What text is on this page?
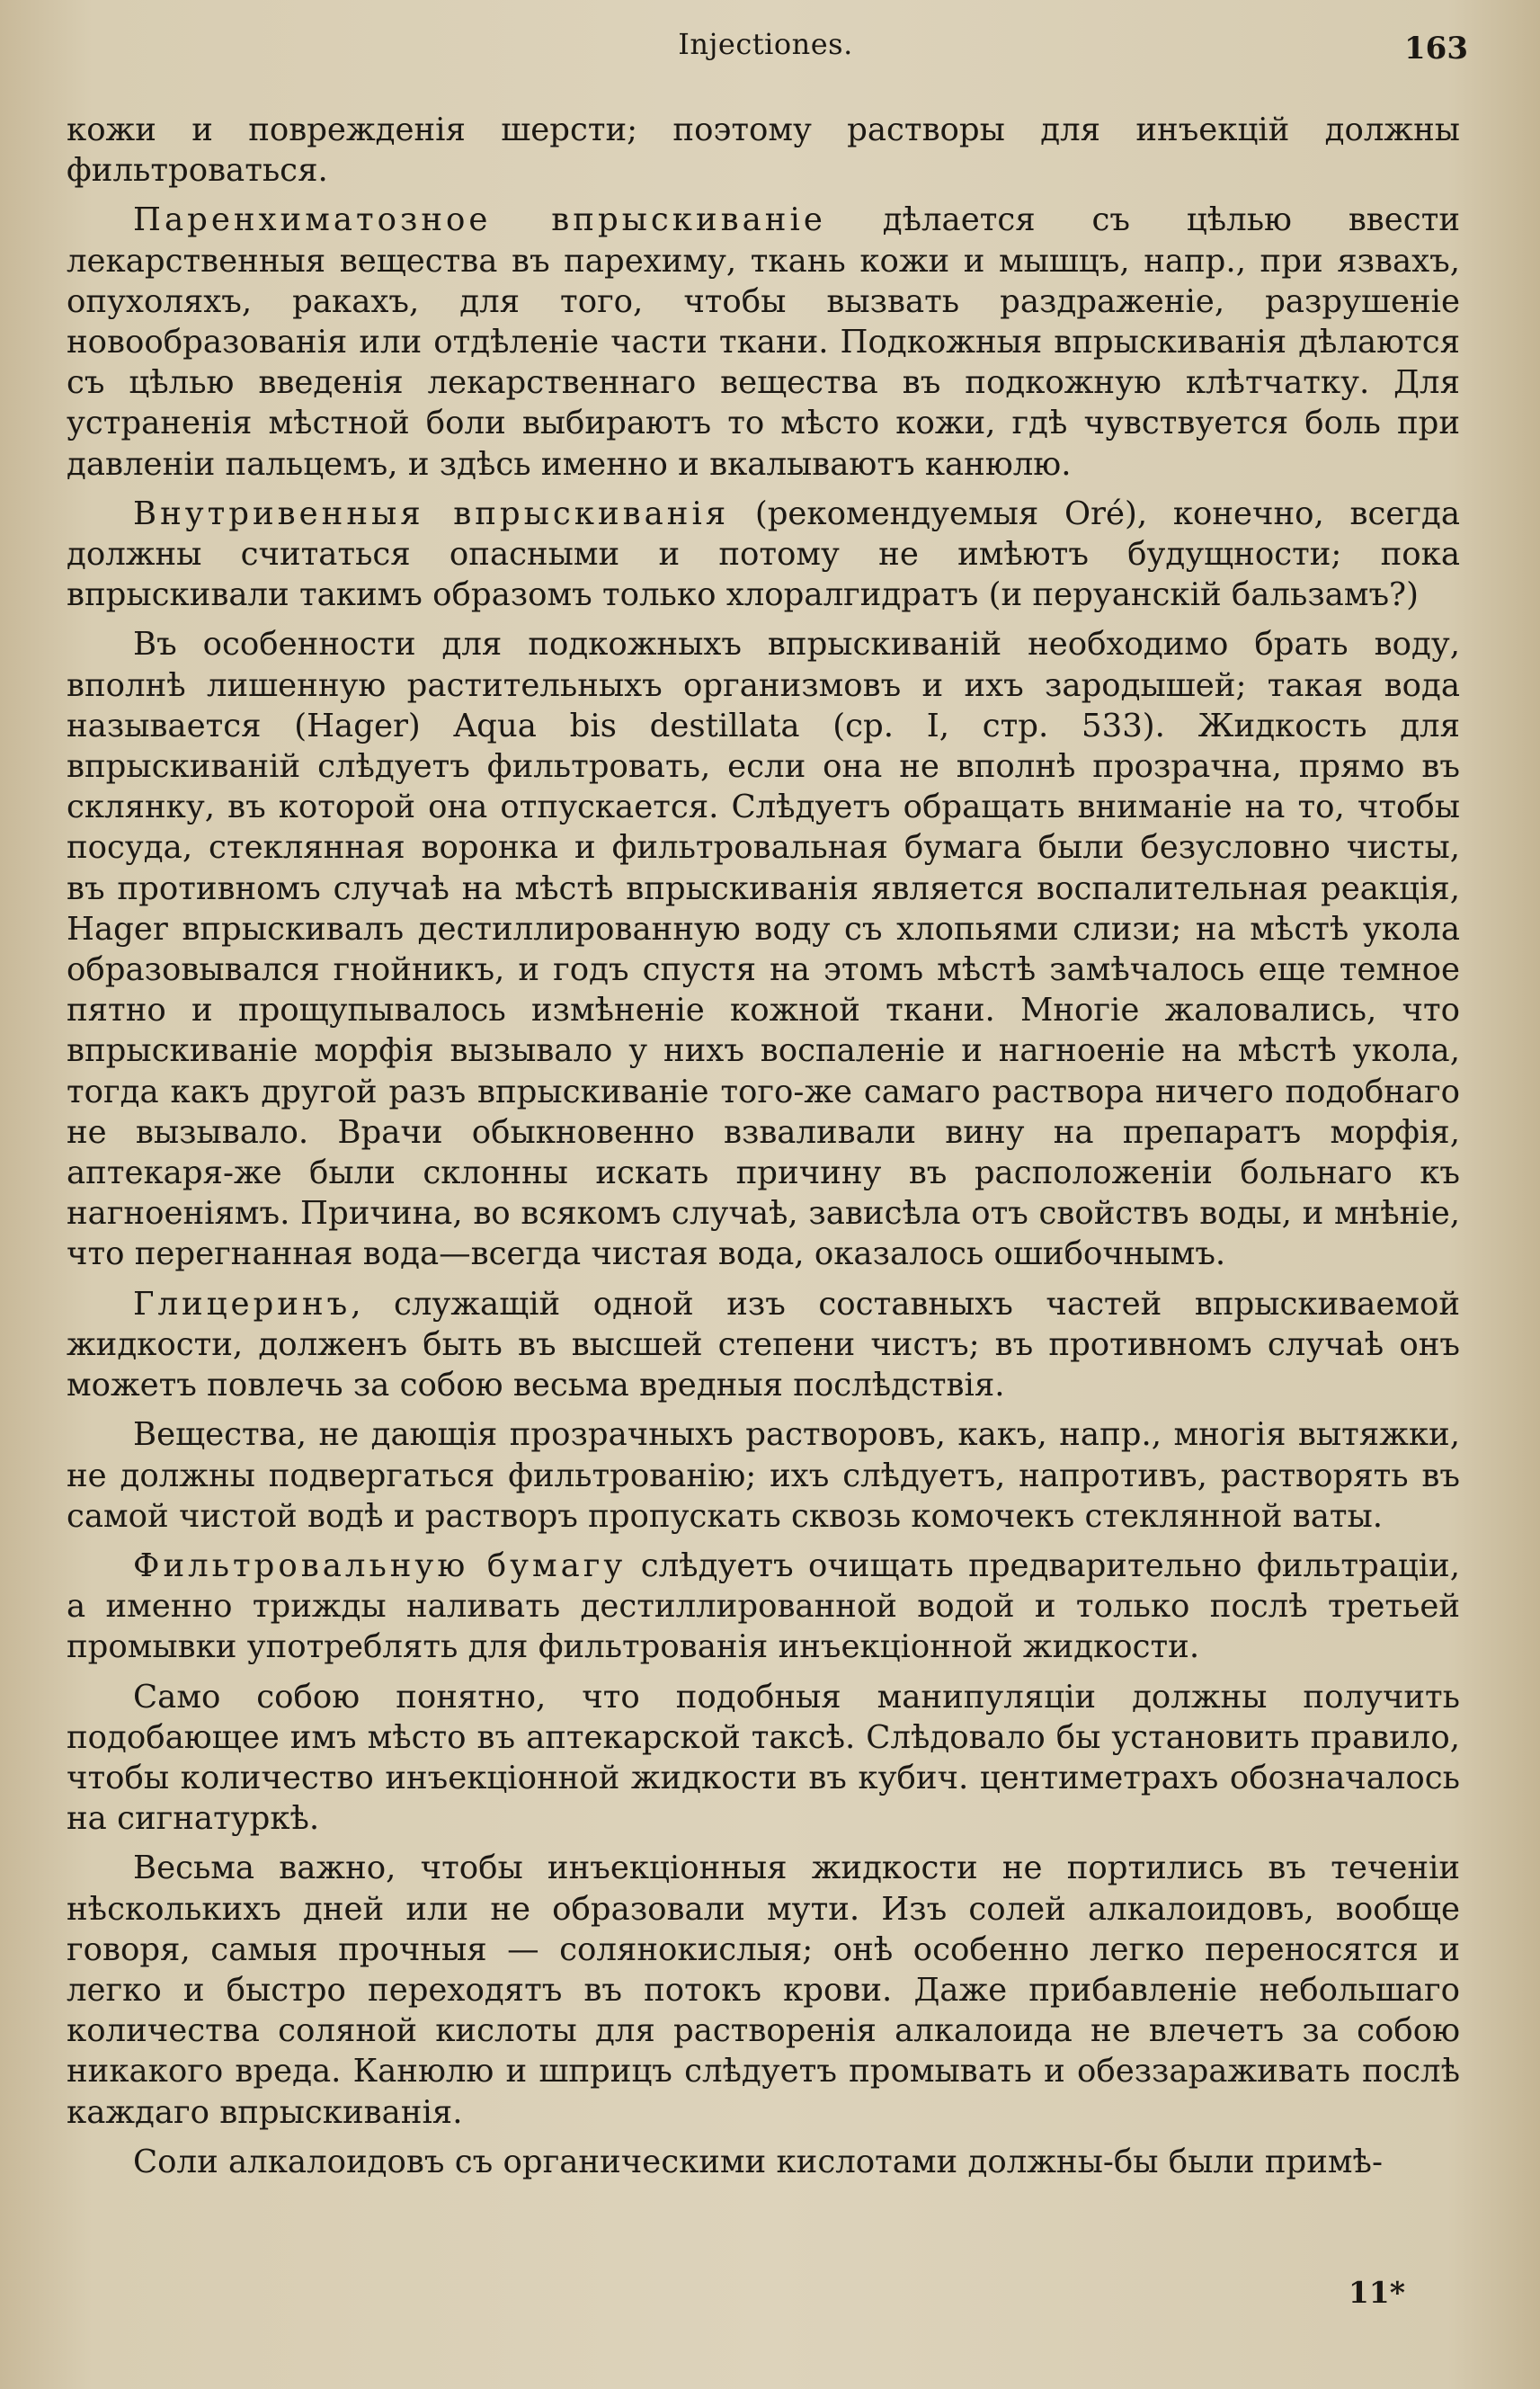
Injectiones.	163

кожи и поврежденія шерсти; поэтому растворы для инъекцій должны фильтроваться.

Паренхиматозное впрыскиваніе дѣлается съ цѣлью ввести лекарственныя вещества въ парехиму, ткань кожи и мышцъ, напр., при язвахъ, опухоляхъ, ракахъ, для того, чтобы вызвать раздраженіе, разрушеніе новообразованія или отдѣленіе части ткани. Подкожныя впрыскиванія дѣлаются съ цѣлью введенія лекарственнаго вещества въ подкожную клѣтчатку. Для устраненія мѣстной боли выбираютъ то мѣсто кожи, гдѣ чувствуется боль при давленіи пальцемъ, и здѣсь именно и вкалываютъ канюлю.

Внутривенныя впрыскиванія (рекомендуемыя Oré), конечно, всегда должны считаться опасными и потому не имѣютъ будущности; пока впрыскивали такимъ образомъ только хлоралгидратъ (и перуанскій бальзамъ?)

Въ особенности для подкожныхъ впрыскиваній необходимо брать воду, вполнѣ лишенную растительныхъ организмовъ и ихъ зародышей; такая вода называется (Hager) Aqua bis destillata (ср. I, стр. 533). Жидкость для впрыскиваній слѣдуетъ фильтровать, если она не вполнѣ прозрачна, прямо въ склянку, въ которой она отпускается. Слѣдуетъ обращать вниманіе на то, чтобы посуда, стеклянная воронка и фильтровальная бумага были безусловно чисты, въ противномъ случаѣ на мѣстѣ впрыскиванія является воспалительная реакція, Hager впрыскивалъ дестиллированную воду съ хлопьями слизи; на мѣстѣ укола образовывался гнойникъ, и годъ спустя на этомъ мѣстѣ замѣчалось еще темное пятно и прощупывалось измѣненіе кожной ткани. Многіе жаловались, что впрыскиваніе морфія вызывало у нихъ воспаленіе и нагноеніе на мѣстѣ укола, тогда какъ другой разъ впрыскиваніе того-же самаго раствора ничего подобнаго не вызывало. Врачи обыкновенно взваливали вину на препаратъ морфія, аптекаря-же были склонны искать причину въ расположеніи больнаго къ нагноеніямъ. Причина, во всякомъ случаѣ, зависѣла отъ свойствъ воды, и мнѣніе, что перегнанная вода—всегда чистая вода, оказалось ошибочнымъ.

Глицеринъ, служащій одной изъ составныхъ частей впрыскиваемой жидкости, долженъ быть въ высшей степени чистъ; въ противномъ случаѣ онъ можетъ повлечь за собою весьма вредныя послѣдствія.

Вещества, не дающія прозрачныхъ растворовъ, какъ, напр., многія вытяжки, не должны подвергаться фильтрованію; ихъ слѣдуетъ, напротивъ, растворять въ самой чистой водѣ и растворъ пропускать сквозь комочекъ стеклянной ваты.

Фильтровальную бумагу слѣдуетъ очищать предварительно фильтраціи, а именно трижды наливать дестиллированной водой и только послѣ третьей промывки употреблять для фильтрованія инъекціонной жидкости.

Само собою понятно, что подобныя манипуляціи должны получить подобающее имъ мѣсто въ аптекарской таксѣ. Слѣдовало бы установить правило, чтобы количество инъекціонной жидкости въ кубич. центиметрахъ обозначалось на сигнатуркѣ.

Весьма важно, чтобы инъекціонныя жидкости не портились въ теченіи нѣсколькихъ дней или не образовали мути. Изъ солей алкалоидовъ, вообще говоря, самыя прочныя — солянокислыя; онѣ особенно легко переносятся и легко и быстро переходятъ въ потокъ крови. Даже прибавленіе небольшаго количества соляной кислоты для растворенія алкалоида не влечетъ за собою никакого вреда. Канюлю и шприцъ слѣдуетъ промывать и обеззараживать послѣ каждаго впрыскиванія.

Соли алкалоидовъ съ органическими кислотами должны-бы были примѣ-

11*
